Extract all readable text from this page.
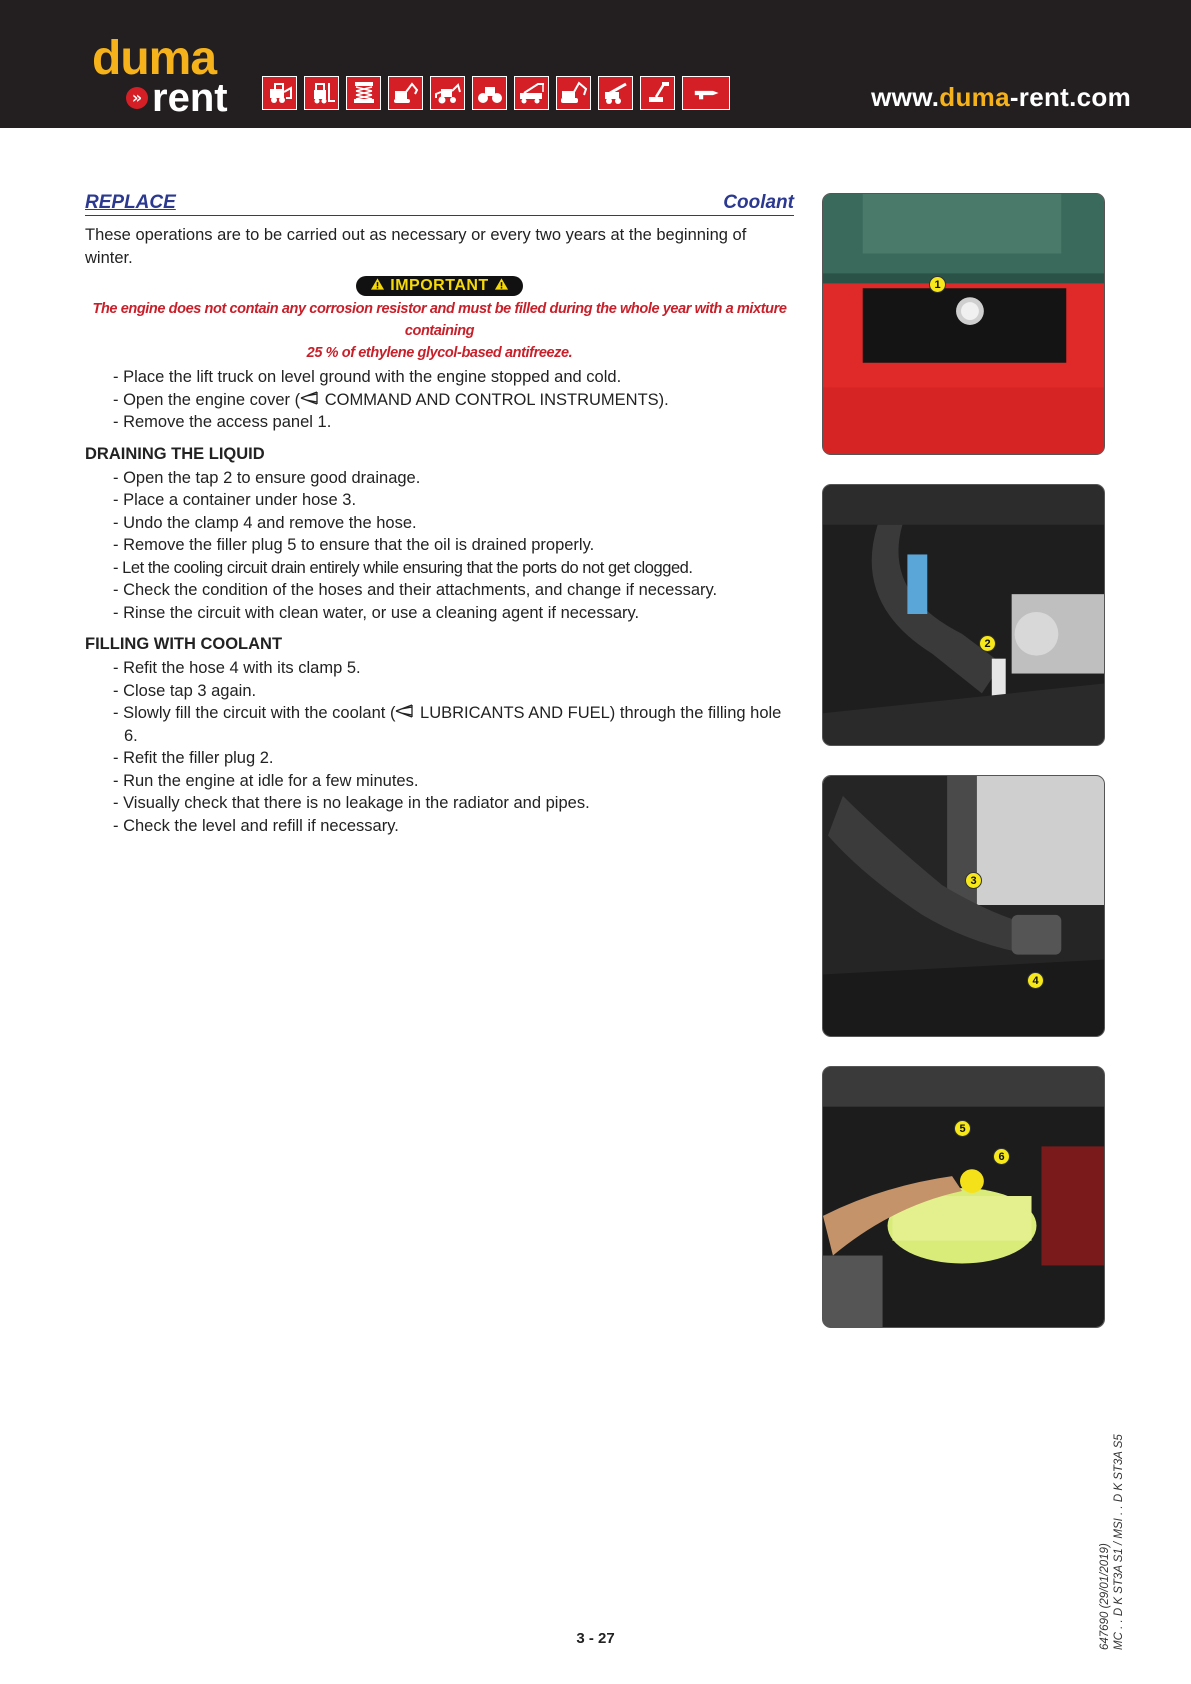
duma
» rent	www.duma-rent.com
REPLACE	Coolant
These operations are to be carried out as necessary or every two years at the beginning of winter.
IMPORTANT
The engine does not contain any corrosion resistor and must be filled during the whole year with a mixture containing
25 % of ethylene glycol-based antifreeze.
- Place the lift truck on level ground with the engine stopped and cold.
- Open the engine cover ( COMMAND AND CONTROL INSTRUMENTS).
- Remove the access panel 1.
DRAINING THE LIQUID
- Open the tap 2 to ensure good drainage.
- Place a container under hose 3.
- Undo the clamp 4 and remove the hose.
- Remove the filler plug 5 to ensure that the oil is drained properly.
- Let the cooling circuit drain entirely while ensuring that the ports do not get clogged.
- Check the condition of the hoses and their attachments, and change if necessary.
- Rinse the circuit with clean water, or use a cleaning agent if necessary.
FILLING WITH COOLANT
- Refit the hose 4 with its clamp 5.
- Close tap 3 again.
- Slowly fill the circuit with the coolant ( LUBRICANTS AND FUEL) through the filling hole 6.
- Refit the filler plug 2.
- Run the engine at idle for a few minutes.
- Visually check that there is no leakage in the radiator and pipes.
- Check the level and refill if necessary.
1
2
3
4
5
6
3 - 27	647690 (29/01/2019) MC . . D K ST3A S1 / MSI . . D K ST3A S5
